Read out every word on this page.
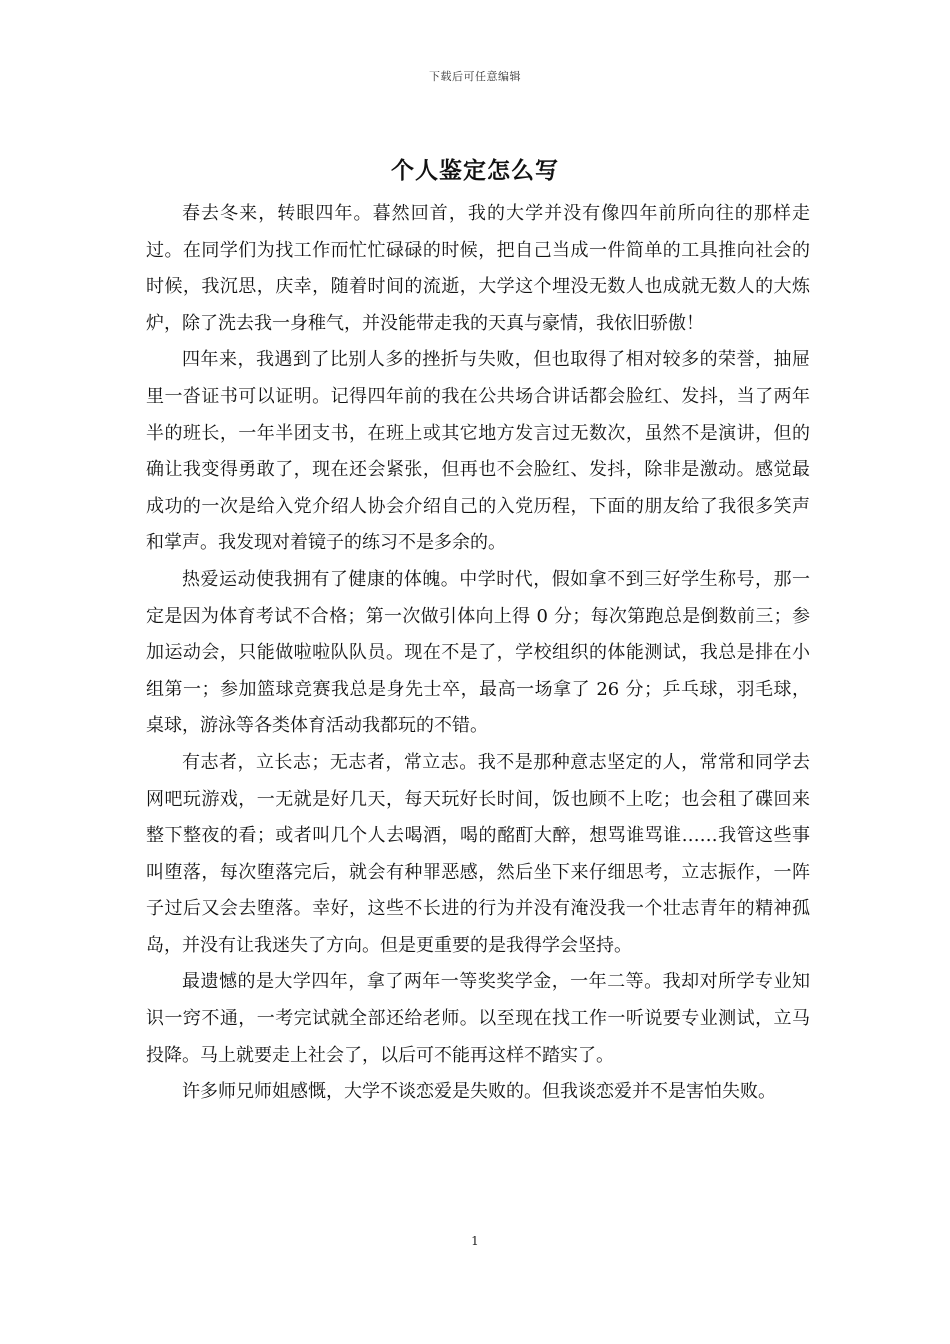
下载后可任意编辑
个人鉴定怎么写

春去冬来，转眼四年。暮然回首，我的大学并没有像四年前所向往的那样走过。在同学们为找工作而忙忙碌碌的时候，把自己当成一件简单的工具推向社会的时候，我沉思，庆幸，随着时间的流逝，大学这个埋没无数人也成就无数人的大炼炉，除了洗去我一身稚气，并没能带走我的天真与豪情，我依旧骄傲！

四年来，我遇到了比别人多的挫折与失败，但也取得了相对较多的荣誉，抽屉里一沓证书可以证明。记得四年前的我在公共场合讲话都会脸红、发抖，当了两年半的班长，一年半团支书，在班上或其它地方发言过无数次，虽然不是演讲，但的确让我变得勇敢了，现在还会紧张，但再也不会脸红、发抖，除非是激动。感觉最成功的一次是给入党介绍人协会介绍自己的入党历程，下面的朋友给了我很多笑声和掌声。我发现对着镜子的练习不是多余的。

热爱运动使我拥有了健康的体魄。中学时代，假如拿不到三好学生称号，那一定是因为体育考试不合格；第一次做引体向上得 0 分；每次第跑总是倒数前三；参加运动会，只能做啦啦队队员。现在不是了，学校组织的体能测试，我总是排在小组第一；参加篮球竞赛我总是身先士卒，最高一场拿了 26 分；乒乓球，羽毛球，桌球，游泳等各类体育活动我都玩的不错。

有志者，立长志；无志者，常立志。我不是那种意志坚定的人，常常和同学去网吧玩游戏，一无就是好几天，每天玩好长时间，饭也顾不上吃；也会租了碟回来整下整夜的看；或者叫几个人去喝酒，喝的酩酊大醉，想骂谁骂谁……我管这些事叫堕落，每次堕落完后，就会有种罪恶感，然后坐下来仔细思考，立志振作，一阵子过后又会去堕落。幸好，这些不长进的行为并没有淹没我一个壮志青年的精神孤岛，并没有让我迷失了方向。但是更重要的是我得学会坚持。

最遗憾的是大学四年，拿了两年一等奖奖学金，一年二等。我却对所学专业知识一窍不通，一考完试就全部还给老师。以至现在找工作一听说要专业测试，立马投降。马上就要走上社会了，以后可不能再这样不踏实了。

许多师兄师姐感慨，大学不谈恋爱是失败的。但我谈恋爱并不是害怕失败。

1
